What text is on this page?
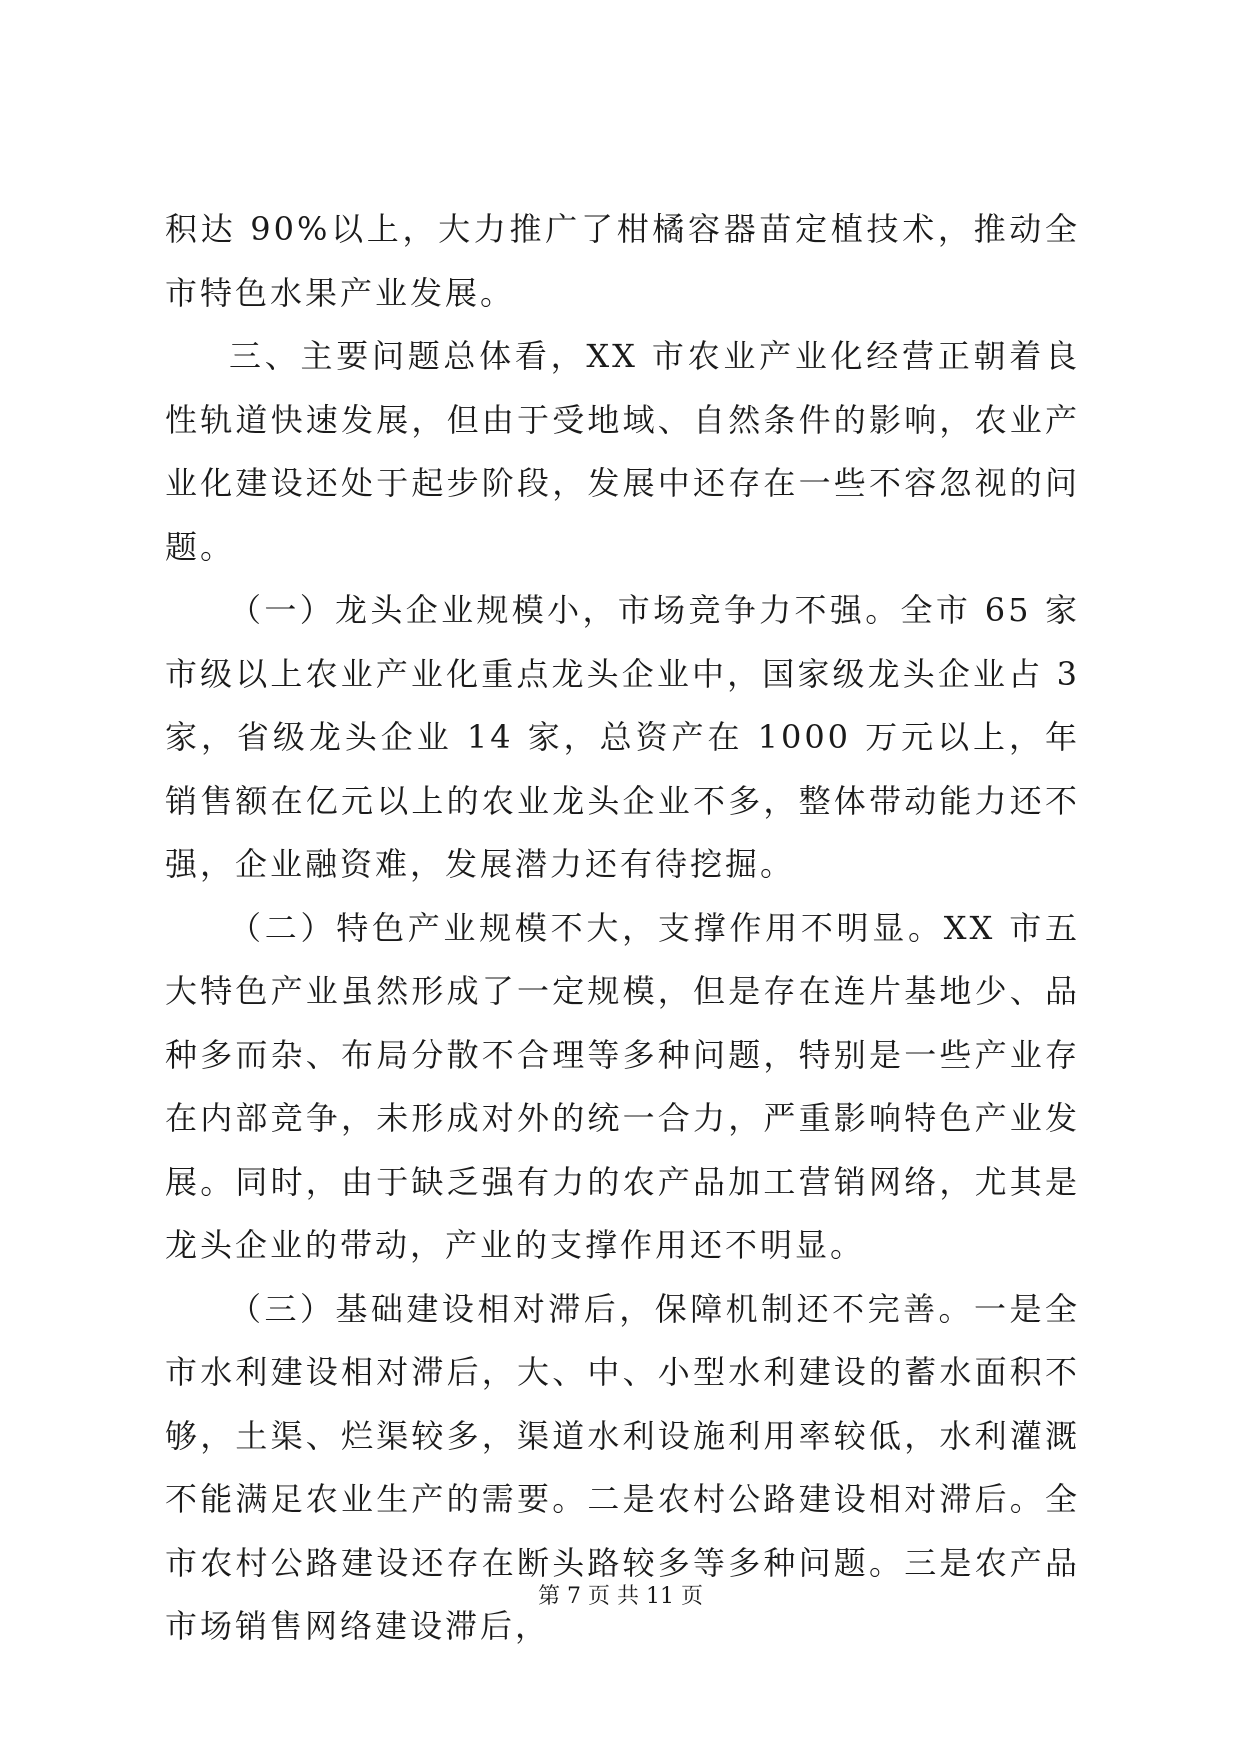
积达 90%以上，大力推广了柑橘容器苗定植技术，推动全市特色水果产业发展。

三、主要问题总体看，XX 市农业产业化经营正朝着良性轨道快速发展，但由于受地域、自然条件的影响，农业产业化建设还处于起步阶段，发展中还存在一些不容忽视的问题。

（一）龙头企业规模小，市场竞争力不强。全市 65 家市级以上农业产业化重点龙头企业中，国家级龙头企业占 3 家，省级龙头企业 14 家，总资产在 1000 万元以上，年销售额在亿元以上的农业龙头企业不多，整体带动能力还不强，企业融资难，发展潜力还有待挖掘。

（二）特色产业规模不大，支撑作用不明显。XX 市五大特色产业虽然形成了一定规模，但是存在连片基地少、品种多而杂、布局分散不合理等多种问题，特别是一些产业存在内部竞争，未形成对外的统一合力，严重影响特色产业发展。同时，由于缺乏强有力的农产品加工营销网络，尤其是龙头企业的带动，产业的支撑作用还不明显。

（三）基础建设相对滞后，保障机制还不完善。一是全市水利建设相对滞后，大、中、小型水利建设的蓄水面积不够，土渠、烂渠较多，渠道水利设施利用率较低，水利灌溉不能满足农业生产的需要。二是农村公路建设相对滞后。全市农村公路建设还存在断头路较多等多种问题。三是农产品市场销售网络建设滞后，

第 7 页 共 11 页
